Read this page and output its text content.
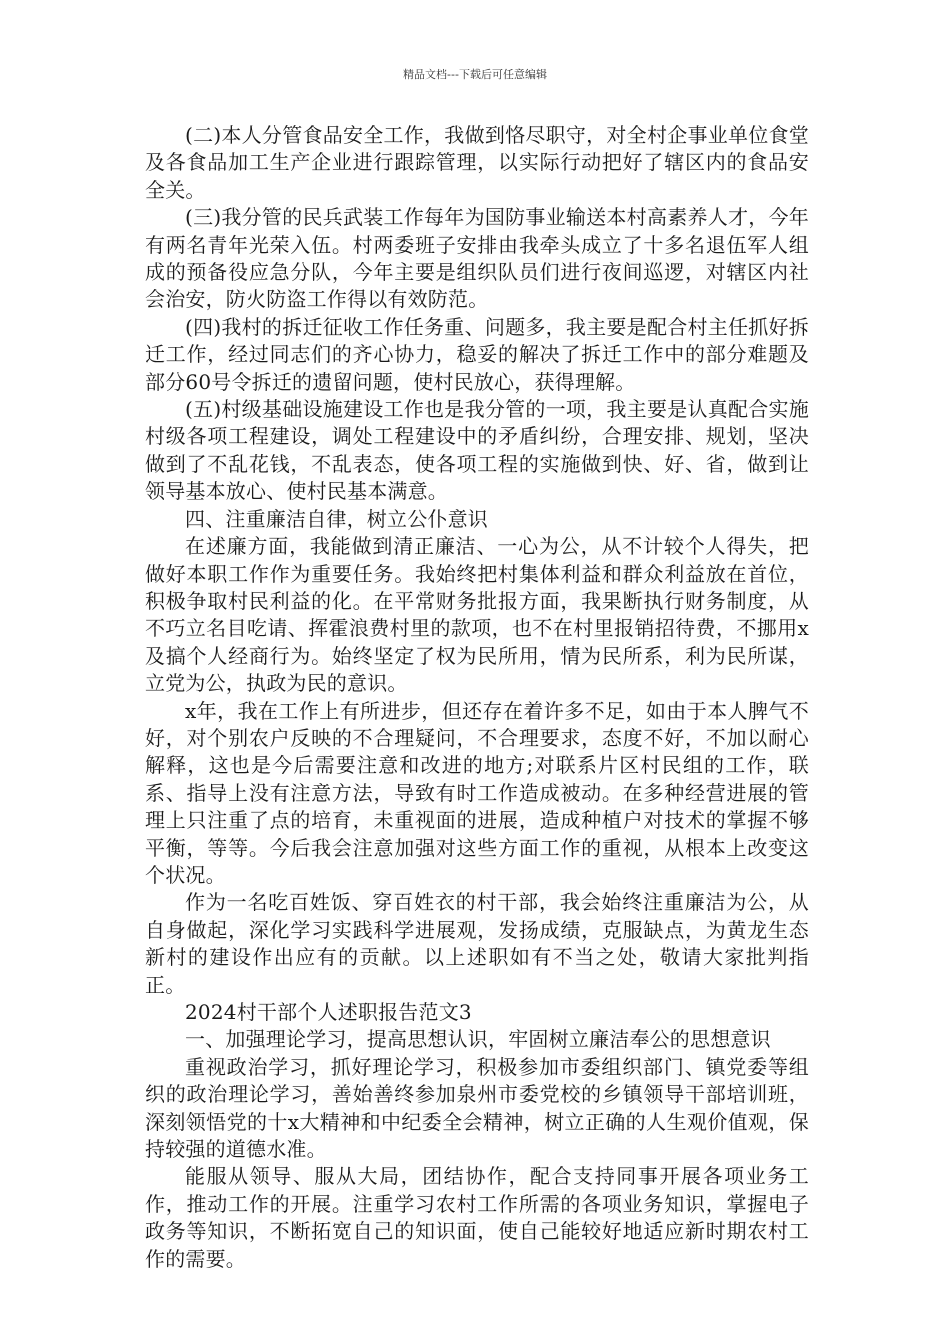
精品文档---下载后可任意编辑

(二)本人分管食品安全工作，我做到恪尽职守，对全村企事业单位食堂及各食品加工生产企业进行跟踪管理，以实际行动把好了辖区内的食品安全关。

(三)我分管的民兵武装工作每年为国防事业输送本村高素养人才，今年有两名青年光荣入伍。村两委班子安排由我牵头成立了十多名退伍军人组成的预备役应急分队，今年主要是组织队员们进行夜间巡逻，对辖区内社会治安，防火防盗工作得以有效防范。

(四)我村的拆迁征收工作任务重、问题多，我主要是配合村主任抓好拆迁工作，经过同志们的齐心协力，稳妥的解决了拆迁工作中的部分难题及部分60号令拆迁的遗留问题，使村民放心，获得理解。

(五)村级基础设施建设工作也是我分管的一项，我主要是认真配合实施村级各项工程建设，调处工程建设中的矛盾纠纷，合理安排、规划，坚决做到了不乱花钱，不乱表态，使各项工程的实施做到快、好、省，做到让领导基本放心、使村民基本满意。

四、注重廉洁自律，树立公仆意识

在述廉方面，我能做到清正廉洁、一心为公，从不计较个人得失，把做好本职工作作为重要任务。我始终把村集体利益和群众利益放在首位，积极争取村民利益的化。在平常财务批报方面，我果断执行财务制度，从不巧立名目吃请、挥霍浪费村里的款项，也不在村里报销招待费，不挪用x及搞个人经商行为。始终坚定了权为民所用，情为民所系，利为民所谋，立党为公，执政为民的意识。

x年，我在工作上有所进步，但还存在着许多不足，如由于本人脾气不好，对个别农户反映的不合理疑问，不合理要求，态度不好，不加以耐心解释，这也是今后需要注意和改进的地方;对联系片区村民组的工作，联系、指导上没有注意方法，导致有时工作造成被动。在多种经营进展的管理上只注重了点的培育，未重视面的进展，造成种植户对技术的掌握不够平衡，等等。今后我会注意加强对这些方面工作的重视，从根本上改变这个状况。

作为一名吃百姓饭、穿百姓衣的村干部，我会始终注重廉洁为公，从自身做起，深化学习实践科学进展观，发扬成绩，克服缺点，为黄龙生态新村的建设作出应有的贡献。以上述职如有不当之处，敬请大家批判指正。

2024村干部个人述职报告范文3

一、加强理论学习，提高思想认识，牢固树立廉洁奉公的思想意识

重视政治学习，抓好理论学习，积极参加市委组织部门、镇党委等组织的政治理论学习，善始善终参加泉州市委党校的乡镇领导干部培训班，深刻领悟党的十x大精神和中纪委全会精神，树立正确的人生观价值观，保持较强的道德水准。

能服从领导、服从大局，团结协作，配合支持同事开展各项业务工作，推动工作的开展。注重学习农村工作所需的各项业务知识，掌握电子政务等知识，不断拓宽自己的知识面，使自己能较好地适应新时期农村工作的需要。
